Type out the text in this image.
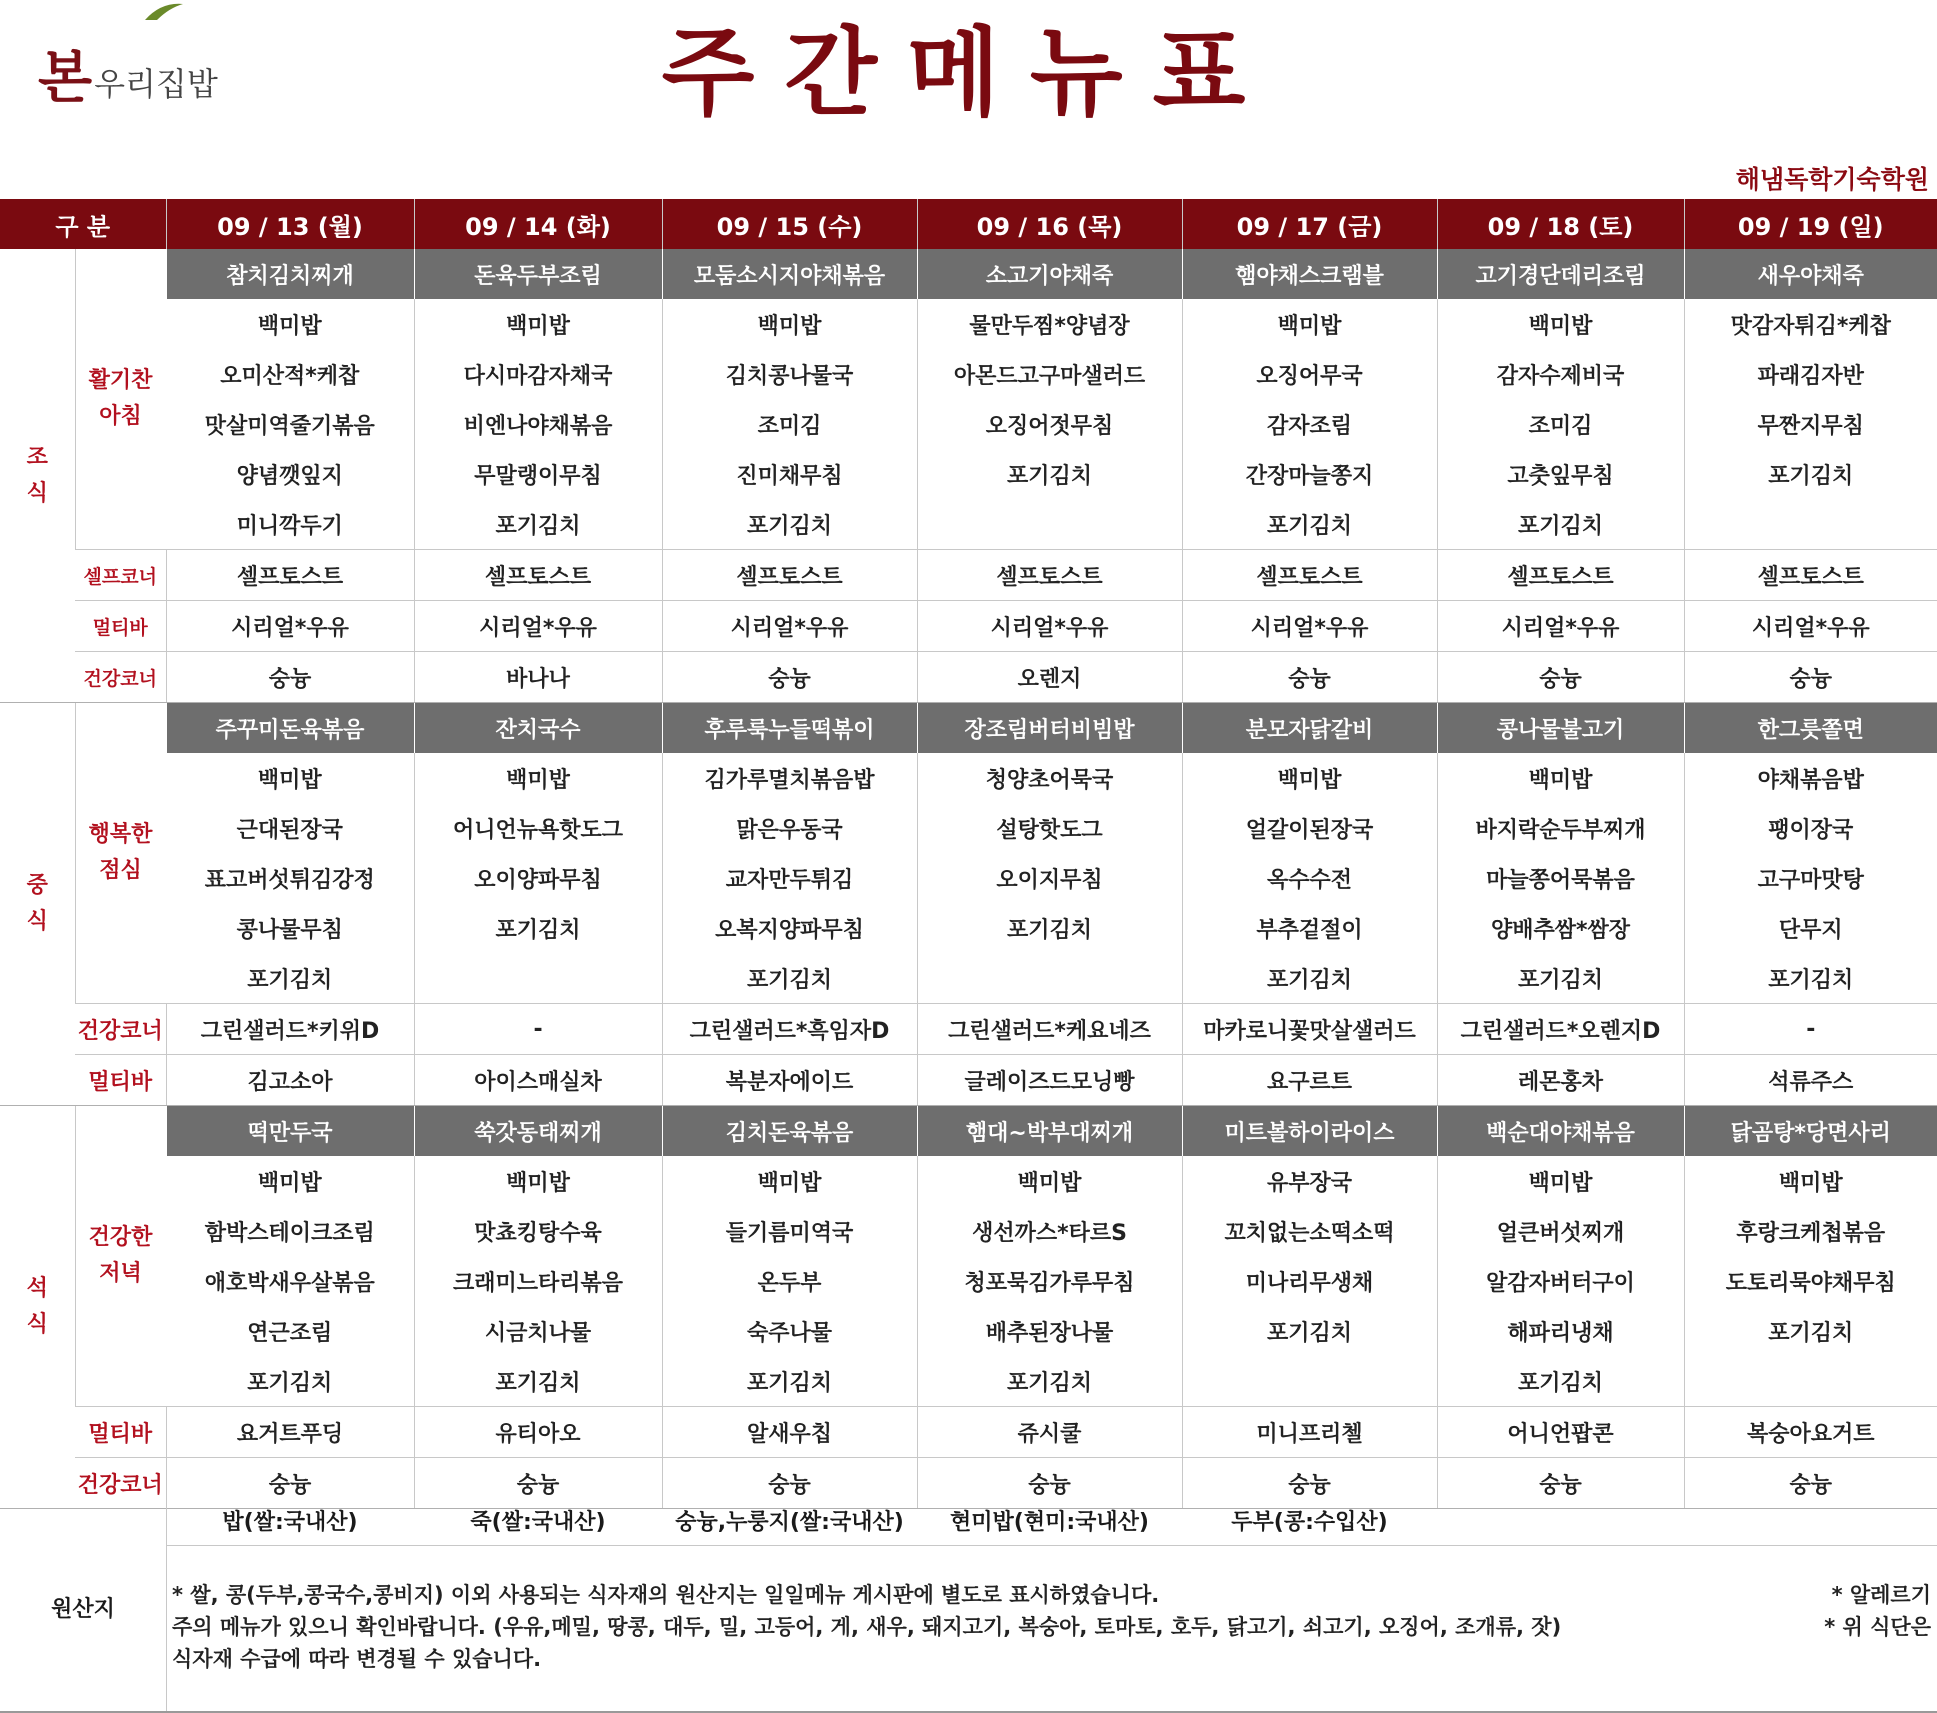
본 우리집밥	주간메뉴표
해냄독학기숙학원
구 분		09 / 13 (월)	09 / 14 (화)	09 / 15 (수)	09 / 16 (목)	09 / 17 (금)	09 / 18 (토)	09 / 19 (일)
조
식	활기찬
아침	참치김치찌개	돈육두부조림	모둠소시지야채볶음	소고기야채죽	햄야채스크램블	고기경단데리조림	새우야채죽
		백미밥	백미밥	백미밥	물만두찜*양념장	백미밥	백미밥	맛감자튀김*케찹
		오미산적*케찹	다시마감자채국	김치콩나물국	아몬드고구마샐러드	오징어무국	감자수제비국	파래김자반
		맛살미역줄기볶음	비엔나야채볶음	조미김	오징어젓무침	감자조림	조미김	무짠지무침
		양념깻잎지	무말랭이무침	진미채무침	포기김치	간장마늘쫑지	고춧잎무침	포기김치
		미니깍두기	포기김치	포기김치		포기김치	포기김치	
	셀프코너	셀프토스트	셀프토스트	셀프토스트	셀프토스트	셀프토스트	셀프토스트	셀프토스트
	멀티바	시리얼*우유	시리얼*우유	시리얼*우유	시리얼*우유	시리얼*우유	시리얼*우유	시리얼*우유
	건강코너	숭늉	바나나	숭늉	오렌지	숭늉	숭늉	숭늉
중
식	행복한
점심	주꾸미돈육볶음	잔치국수	후루룩누들떡볶이	장조림버터비빔밥	분모자닭갈비	콩나물불고기	한그릇쫄면
		백미밥	백미밥	김가루멸치볶음밥	청양초어묵국	백미밥	백미밥	야채볶음밥
		근대된장국	어니언뉴욕핫도그	맑은우동국	설탕핫도그	얼갈이된장국	바지락순두부찌개	팽이장국
		표고버섯튀김강정	오이양파무침	교자만두튀김	오이지무침	옥수수전	마늘쫑어묵볶음	고구마맛탕
		콩나물무침	포기김치	오복지양파무침	포기김치	부추겉절이	양배추쌈*쌈장	단무지
		포기김치		포기김치		포기김치	포기김치	포기김치
	건강코너	그린샐러드*키위D	-	그린샐러드*흑임자D	그린샐러드*케요네즈	마카로니꽃맛살샐러드	그린샐러드*오렌지D	-
	멀티바	김고소아	아이스매실차	복분자에이드	글레이즈드모닝빵	요구르트	레몬홍차	석류주스
석
식	건강한
저녁	떡만두국	쑥갓동태찌개	김치돈육볶음	햄대~박부대찌개	미트볼하이라이스	백순대야채볶음	닭곰탕*당면사리
		백미밥	백미밥	백미밥	백미밥	유부장국	백미밥	백미밥
		함박스테이크조림	맛쵸킹탕수육	들기름미역국	생선까스*타르S	꼬치없는소떡소떡	얼큰버섯찌개	후랑크케첩볶음
		애호박새우살볶음	크래미느타리볶음	온두부	청포묵김가루무침	미나리무생채	알감자버터구이	도토리묵야채무침
		연근조림	시금치나물	숙주나물	배추된장나물	포기김치	해파리냉채	포기김치
		포기김치	포기김치	포기김치	포기김치		포기김치	
	멀티바	요거트푸딩	유티아오	알새우칩	쥬시쿨	미니프리첼	어니언팝콘	복숭아요거트
	건강코너	숭늉	숭늉	숭늉	숭늉	숭늉	숭늉	숭늉
원산지
밥(쌀:국내산)	죽(쌀:국내산)	숭늉,누룽지(쌀:국내산)	현미밥(현미:국내산)	두부(콩:수입산)
* 쌀, 콩(두부,콩국수,콩비지) 이외 사용되는 식자재의 원산지는 일일메뉴 게시판에 별도로 표시하였습니다.
주의 메뉴가 있으니 확인바랍니다. (우유,메밀, 땅콩, 대두, 밀, 고등어, 게, 새우, 돼지고기, 복숭아, 토마토, 호두, 닭고기, 쇠고기, 오징어, 조개류, 잣)
식자재 수급에 따라 변경될 수 있습니다.
* 알레르기
* 위 식단은
